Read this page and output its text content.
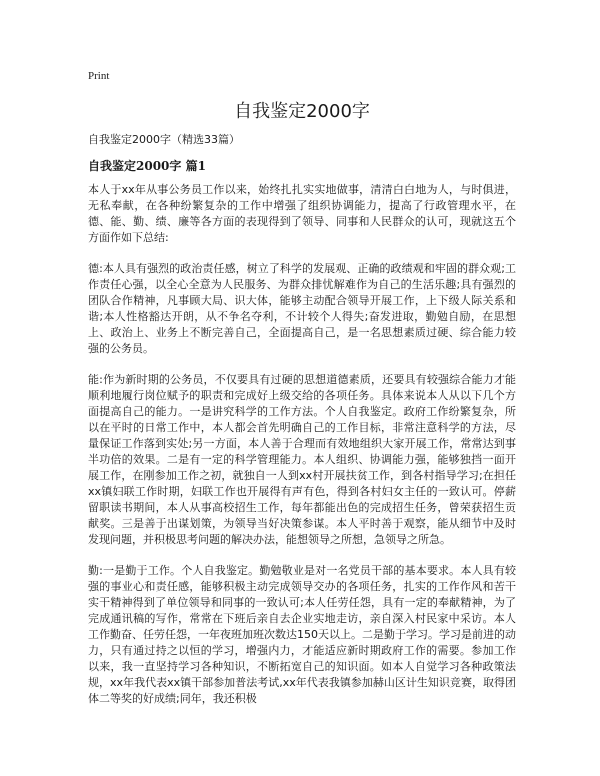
Print
自我鉴定2000字
自我鉴定2000字（精选33篇）
自我鉴定2000字 篇1

本人于xx年从事公务员工作以来，始终扎扎实实地做事，清清白白地为人，与时俱进，无私奉献，在各种纷繁复杂的工作中增强了组织协调能力，提高了行政管理水平，在德、能、勤、绩、廉等各方面的表现得到了领导、同事和人民群众的认可，现就这五个方面作如下总结:

德:本人具有强烈的政治责任感，树立了科学的发展观、正确的政绩观和牢固的群众观;工作责任心强，以全心全意为人民服务、为群众排忧解难作为自己的生活乐趣;具有强烈的团队合作精神，凡事顾大局、识大体，能够主动配合领导开展工作，上下级人际关系和谐;本人性格豁达开朗，从不争名夺利，不计较个人得失;奋发进取，勤勉自励，在思想上、政治上、业务上不断完善自己，全面提高自己，是一名思想素质过硬、综合能力较强的公务员。

能:作为新时期的公务员，不仅要具有过硬的思想道德素质，还要具有较强综合能力才能顺利地履行岗位赋予的职责和完成好上级交给的各项任务。具体来说本人从以下几个方面提高自己的能力。一是讲究科学的工作方法。个人自我鉴定。政府工作纷繁复杂，所以在平时的日常工作中，本人都会首先明确自己的工作目标，非常注意科学的方法，尽量保证工作落到实处;另一方面，本人善于合理而有效地组织大家开展工作，常常达到事半功倍的效果。二是有一定的科学管理能力。本人组织、协调能力强，能够独挡一面开展工作，在刚参加工作之初，就独自一人到xx村开展扶贫工作，到各村指导学习;在担任xx镇妇联工作时期，妇联工作也开展得有声有色，得到各村妇女主任的一致认可。停薪留职读书期间，本人从事高校招生工作，每年都能出色的完成招生任务，曾荣获招生贡献奖。三是善于出谋划策，为领导当好决策参谋。本人平时善于观察，能从细节中及时发现问题，并积极思考问题的解决办法，能想领导之所想，急领导之所急。

勤:一是勤于工作。个人自我鉴定。勤勉敬业是对一名党员干部的基本要求。本人具有较强的事业心和责任感，能够积极主动完成领导交办的各项任务，扎实的工作作风和苦干实干精神得到了单位领导和同事的一致认可;本人任劳任怨，具有一定的奉献精神，为了完成通讯稿的写作，常常在下班后亲自去企业实地走访，亲自深入村民家中采访。本人工作勤奋、任劳任怨，一年夜班加班次数达150天以上。二是勤于学习。学习是前进的动力，只有通过持之以恒的学习，增强内力，才能适应新时期政府工作的需要。参加工作以来，我一直坚持学习各种知识，不断拓宽自己的知识面。如本人自觉学习各种政策法规，xx年我代表xx镇干部参加普法考试,xx年代表我镇参加赫山区计生知识竞赛，取得团体二等奖的好成绩;同年，我还积极
